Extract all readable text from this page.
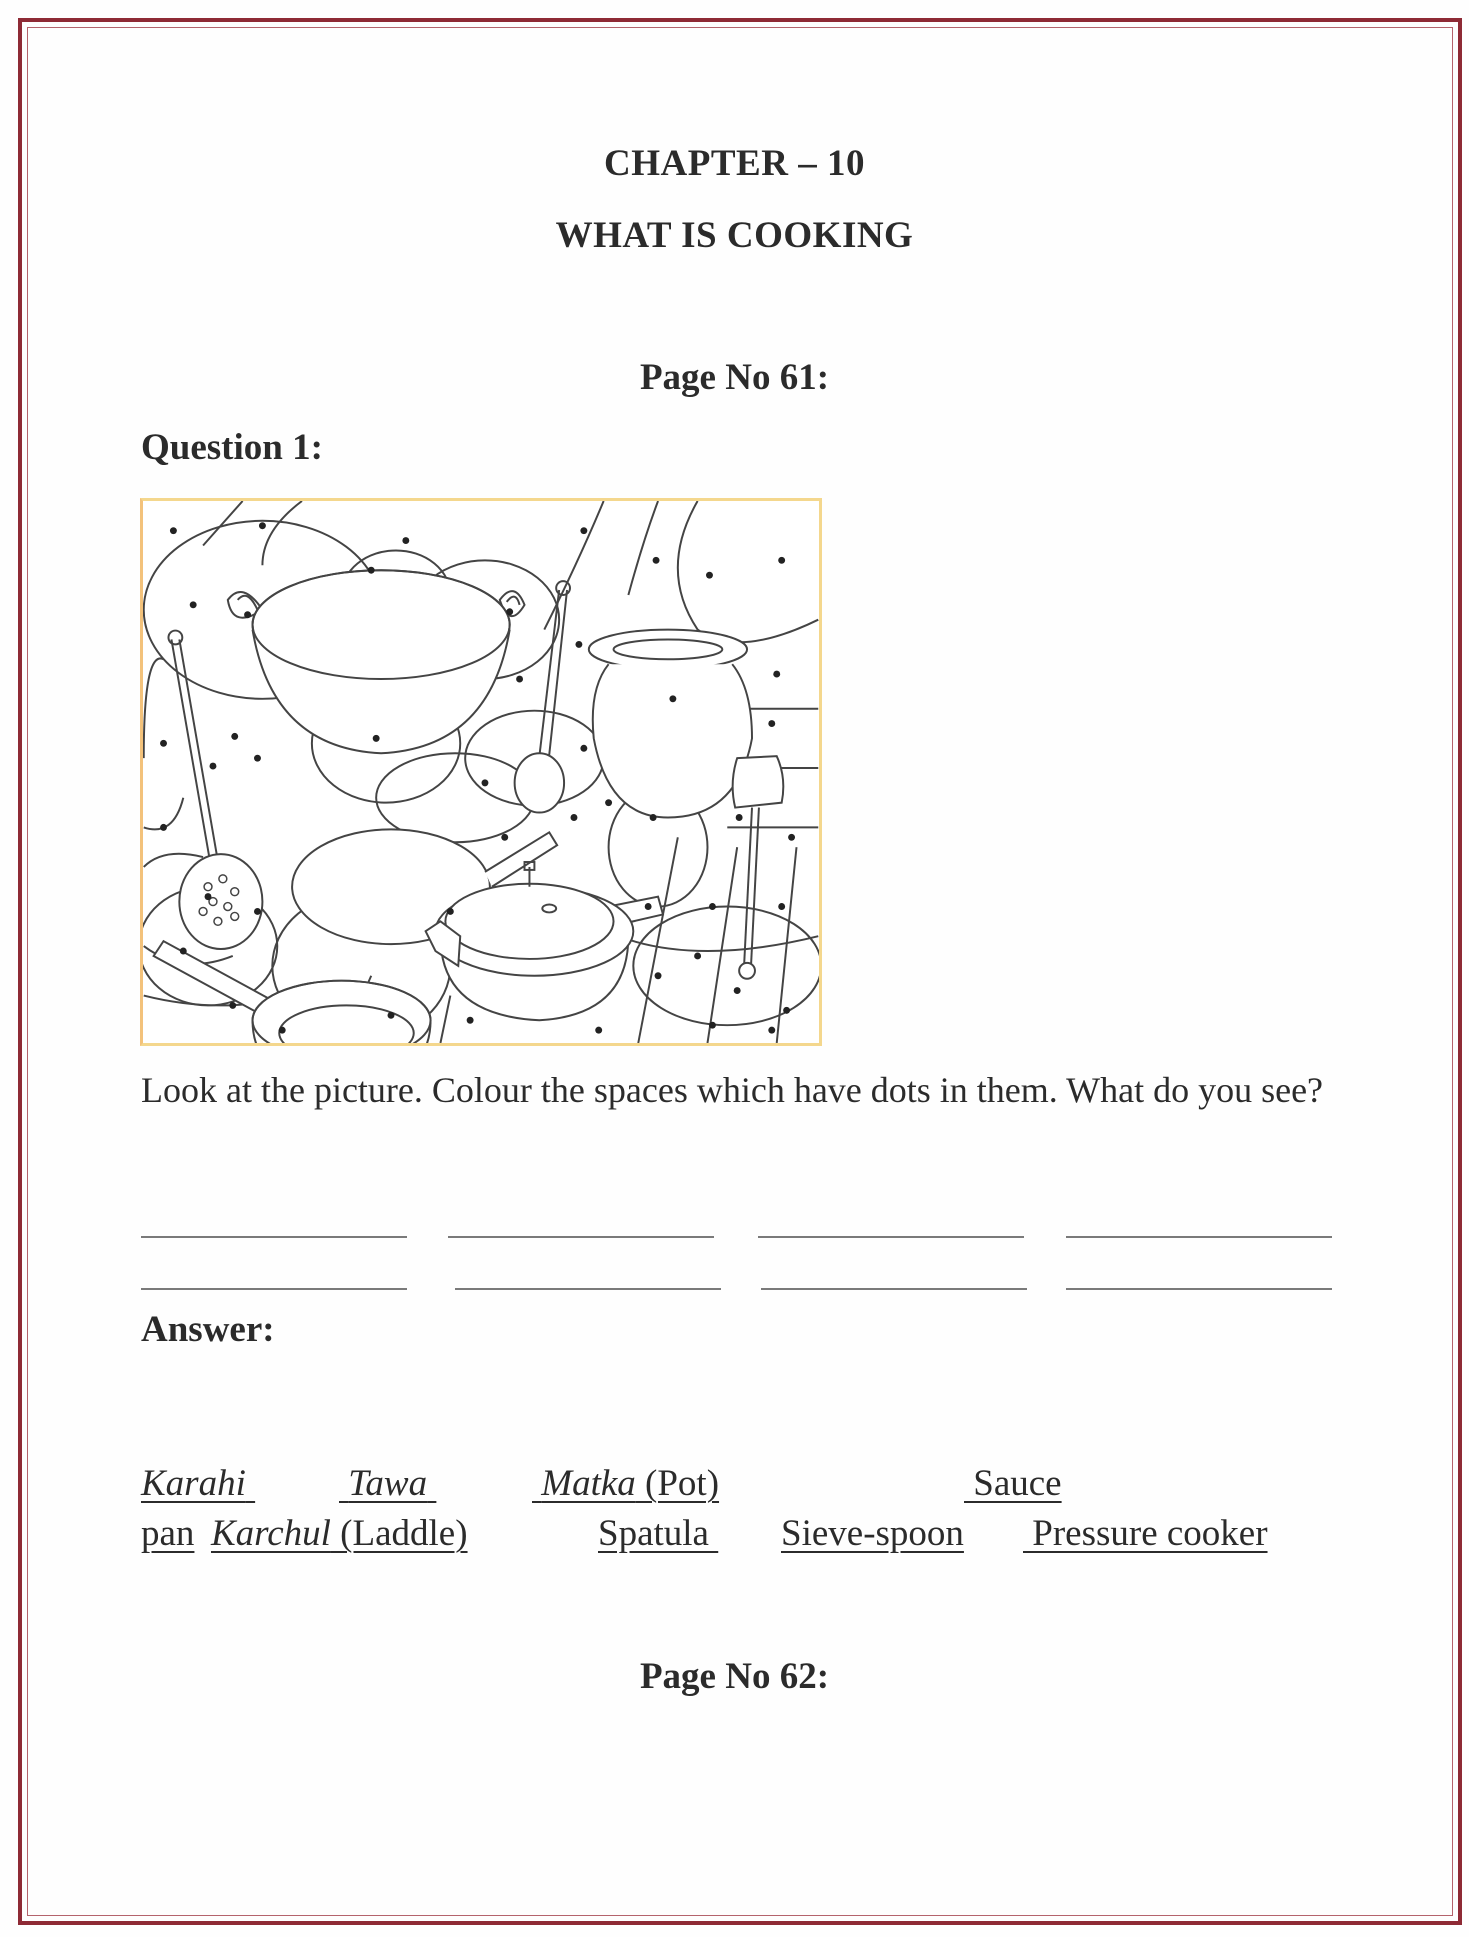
CHAPTER – 10
WHAT IS COOKING
Page No 61:
Question 1:
Look at the picture. Colour the spaces which have dots in them. What do you see?
Answer:
Karahi	Tawa	Matka (Pot)	Sauce
pan Karchul (Laddle)	Spatula Sieve-spoon Pressure cooker
Page No 62:
